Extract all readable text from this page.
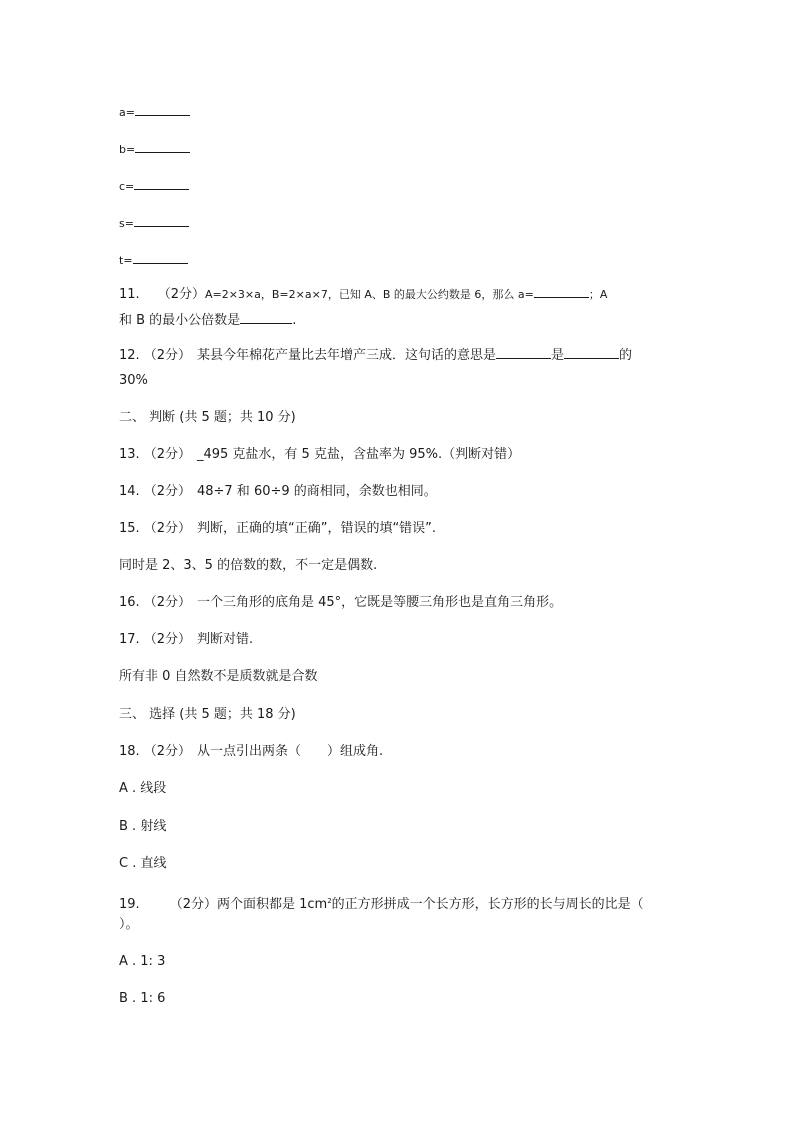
a=
b=
c=
s=
t=
11. （2分）A=2×3×a，B=2×a×7，已知 A、B 的最大公约数是 6，那么 a=	；A
和 B 的最小公倍数是	.
12. （2分） 某县今年棉花产量比去年增产三成．这句话的意思是	是	的
30%
二、 判断 (共 5 题；共 10 分)
13. （2分） _495 克盐水，有 5 克盐，含盐率为 95%.（判断对错）
14. （2分） 48÷7 和 60÷9 的商相同，余数也相同。
15. （2分） 判断，正确的填“正确”，错误的填“错误”.
同时是 2、3、5 的倍数的数，不一定是偶数.
16. （2分） 一个三角形的底角是 45°，它既是等腰三角形也是直角三角形。
17. （2分） 判断对错.
所有非 0 自然数不是质数就是合数
三、 选择 (共 5 题；共 18 分)
18. （2分） 从一点引出两条（　　）组成角.
A . 线段
B . 射线
C . 直线
19. （2分）两个面积都是 $1cm^2$的正方形拼成一个长方形，长方形的长与周长的比是（
）。
A . 1: 3
B . 1: 6
